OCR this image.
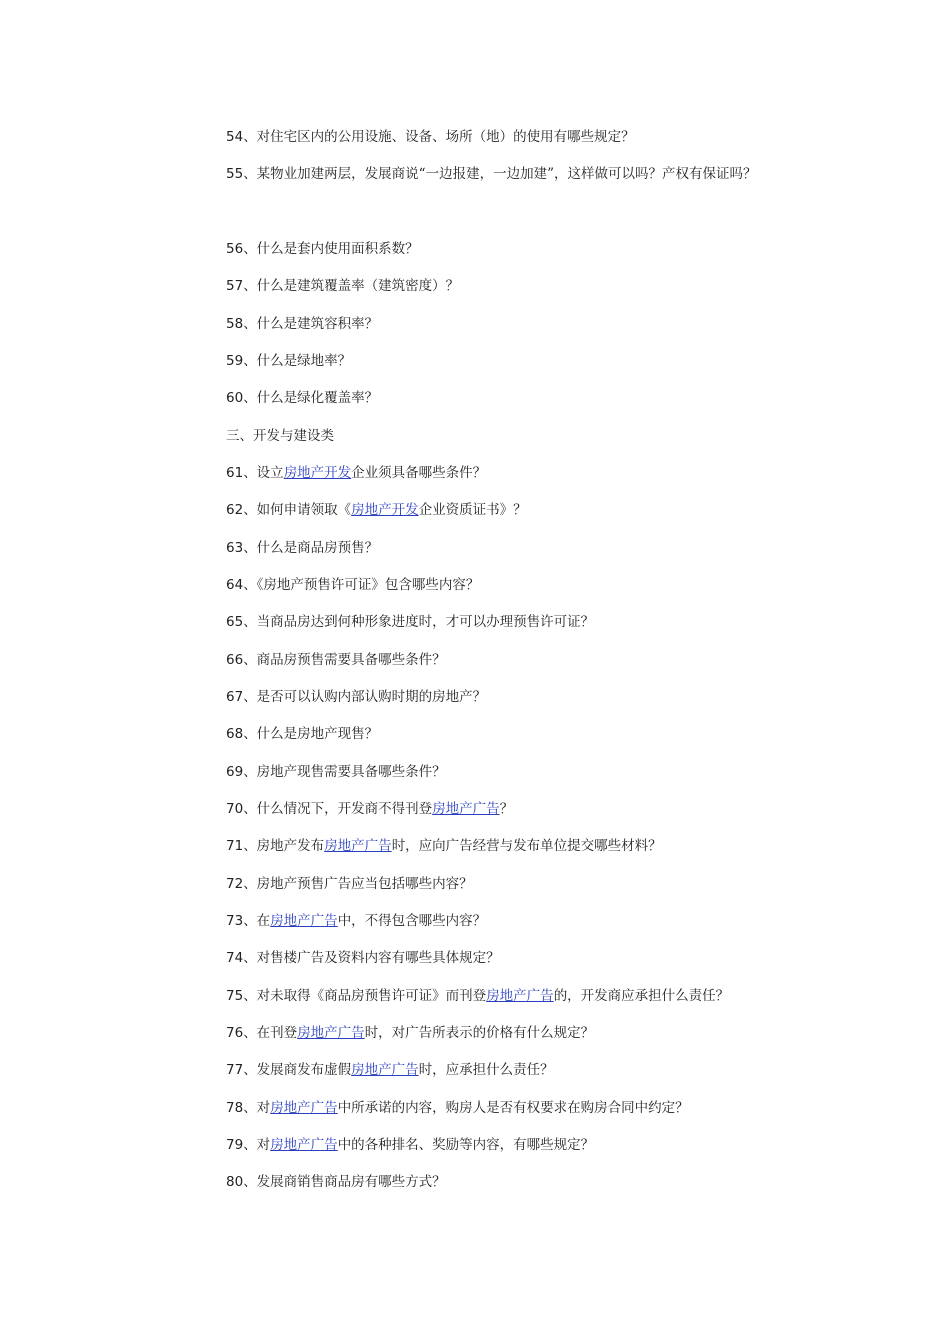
54、对住宅区内的公用设施、设备、场所（地）的使用有哪些规定？
55、某物业加建两层，发展商说“一边报建，一边加建”，这样做可以吗？产权有保证吗？
56、什么是套内使用面积系数？
57、什么是建筑覆盖率（建筑密度）？
58、什么是建筑容积率？
59、什么是绿地率？
60、什么是绿化覆盖率？
三、开发与建设类
61、设立房地产开发企业须具备哪些条件？
62、如何申请领取《房地产开发企业资质证书》？
63、什么是商品房预售？
64、《房地产预售许可证》包含哪些内容？
65、当商品房达到何种形象进度时，才可以办理预售许可证？
66、商品房预售需要具备哪些条件？
67、是否可以认购内部认购时期的房地产？
68、什么是房地产现售？
69、房地产现售需要具备哪些条件？
70、什么情况下，开发商不得刊登房地产广告？
71、房地产发布房地产广告时，应向广告经营与发布单位提交哪些材料？
72、房地产预售广告应当包括哪些内容？
73、在房地产广告中，不得包含哪些内容？
74、对售楼广告及资料内容有哪些具体规定？
75、对未取得《商品房预售许可证》而刊登房地产广告的，开发商应承担什么责任？
76、在刊登房地产广告时，对广告所表示的价格有什么规定？
77、发展商发布虚假房地产广告时，应承担什么责任？
78、对房地产广告中所承诺的内容，购房人是否有权要求在购房合同中约定？
79、对房地产广告中的各种排名、奖励等内容，有哪些规定？
80、发展商销售商品房有哪些方式？
